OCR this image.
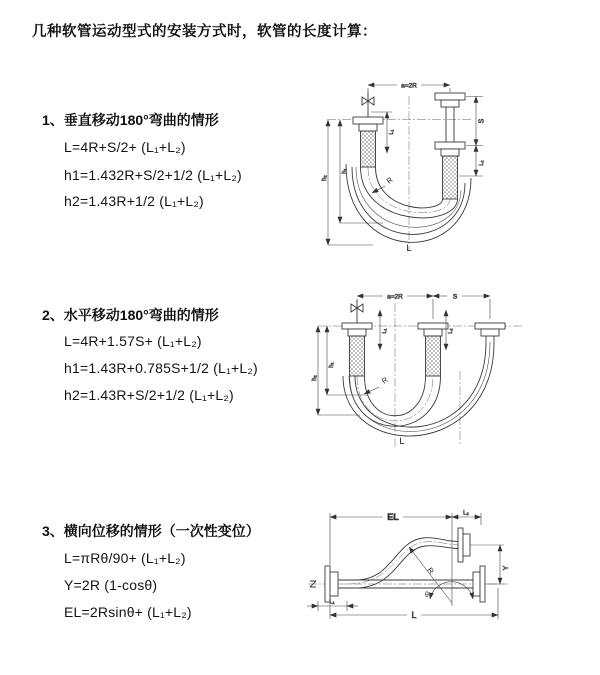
几种软管运动型式的安装方式时，软管的长度计算：
1、垂直移动180°弯曲的情形
L=4R+S/2+ (L₁+L₂)
h1=1.432R+S/2+1/2 (L₁+L₂)
h2=1.43R+1/2 (L₁+L₂)
2、水平移动180°弯曲的情形
L=4R+1.57S+ (L₁+L₂)
h1=1.43R+0.785S+1/2 (L₁+L₂)
h2=1.43R+S/2+1/2 (L₁+L₂)
3、横向位移的情形（一次性变位）
L=πRθ/90+ (L₁+L₂)
Y=2R (1-cosθ)
EL=2Rsinθ+ (L₁+L₂)
a=2R
h₁
h₂
L₁
S
L₂
R
L
a=2R	S
h₁
h₂
L₁	L₂
R
L
EL	L₂
Y
R
θ
L
L₁
